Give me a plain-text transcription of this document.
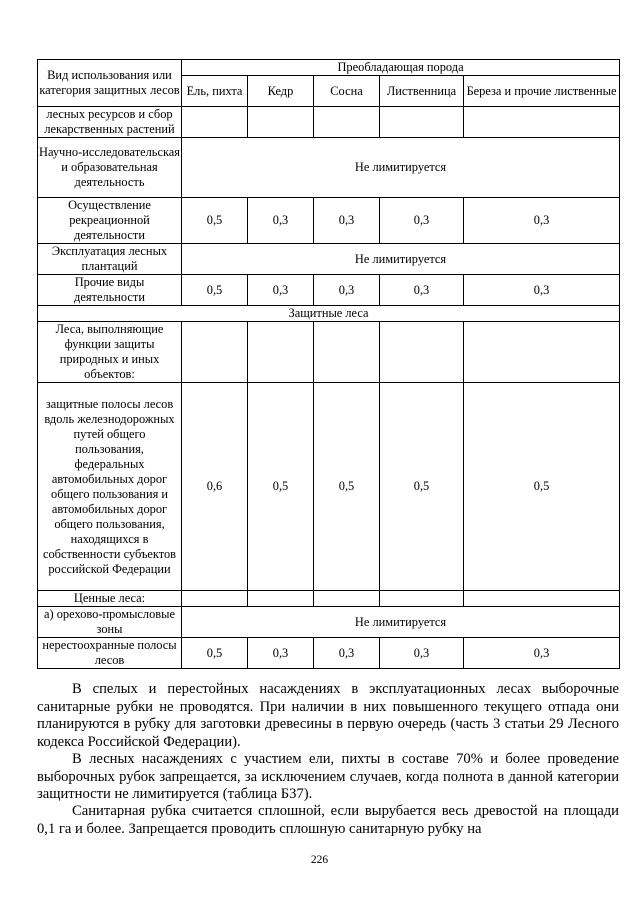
Вид использования или категория защитных лесов	Преобладающая порода				
	Ель, пихта	Кедр	Сосна	Лиственница	Береза и прочие лиственные
лесных ресурсов и сбор лекарственных растений					
Научно-исследовательская и образовательная деятельность	Не лимитируется				
Осуществление рекреационной деятельности	0,5	0,3	0,3	0,3	0,3
Эксплуатация лесных плантаций	Не лимитируется				
Прочие виды деятельности	0,5	0,3	0,3	0,3	0,3
Защитные леса					
Леса, выполняющие функции защиты природных и иных объектов:					
защитные полосы лесов вдоль железнодорожных путей общего пользования, федеральных автомобильных дорог общего пользования и автомобильных дорог общего пользования, находящихся в собственности субъектов российской Федерации	0,6	0,5	0,5	0,5	0,5
Ценные леса:					
а) орехово-промысловые зоны	Не лимитируется				
нерестоохранные полосы лесов	0,5	0,3	0,3	0,3	0,3

В спелых и перестойных насаждениях в эксплуатационных лесах выборочные санитарные рубки не проводятся. При наличии в них повышенного текущего отпада они планируются в рубку для заготовки древесины в первую очередь (часть 3 статьи 29 Лесного кодекса Российской Федерации).

В лесных насаждениях с участием ели, пихты в составе 70% и более проведение выборочных рубок запрещается, за исключением случаев, когда полнота в данной категории защитности не лимитируется (таблица Б37).

Санитарная рубка считается сплошной, если вырубается весь древостой на площади 0,1 га и более. Запрещается проводить сплошную санитарную рубку на

226
